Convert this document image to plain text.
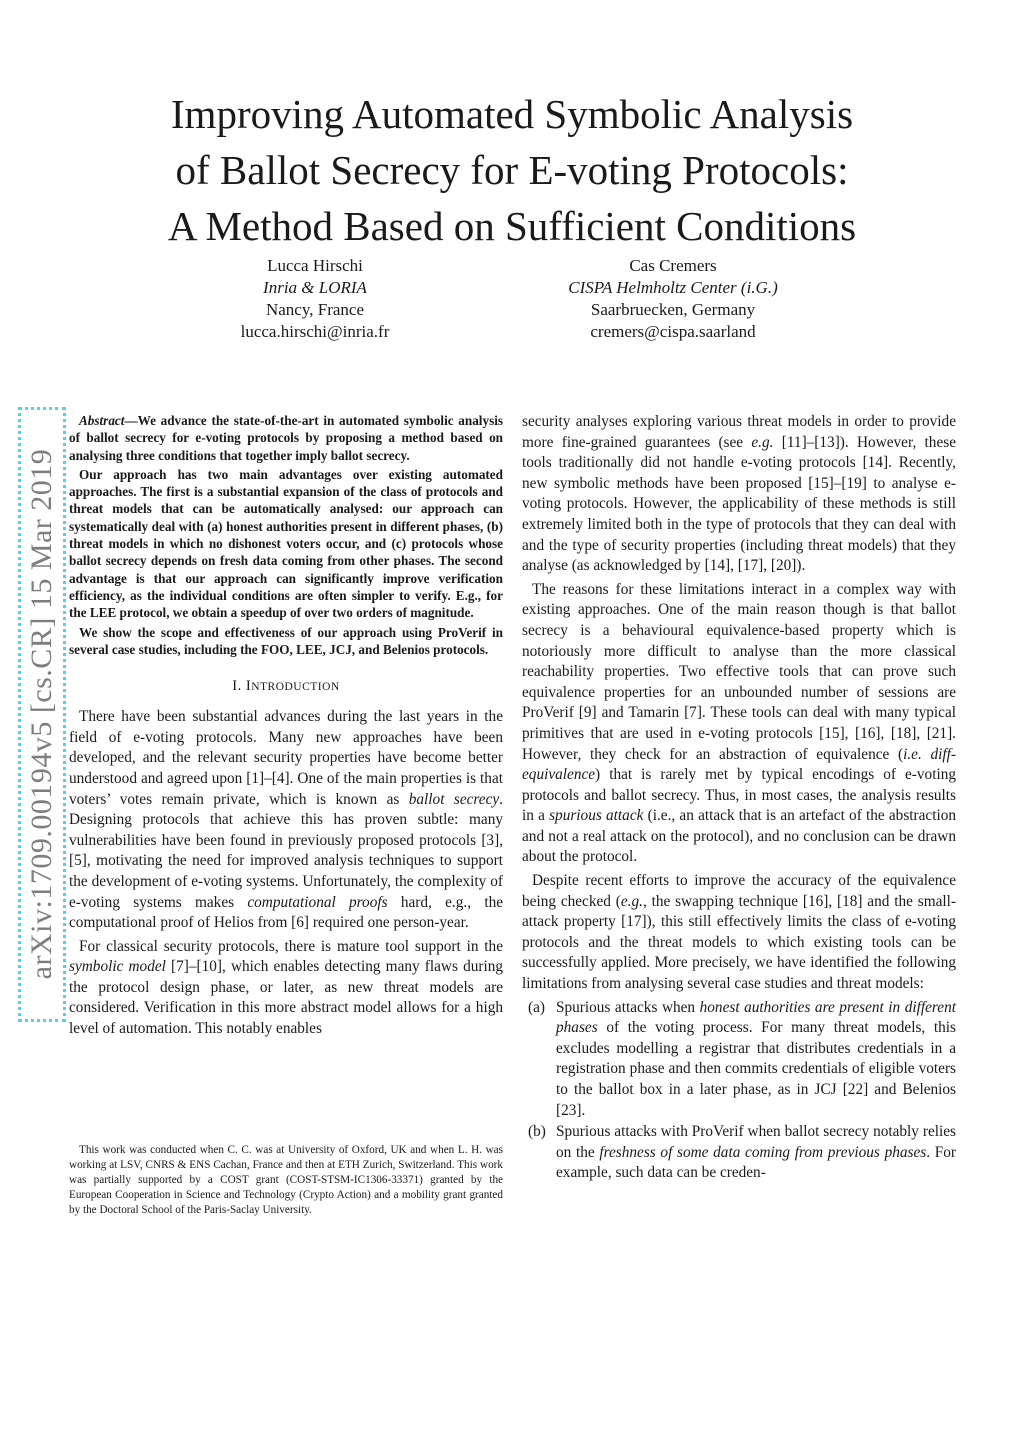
Improving Automated Symbolic Analysis
of Ballot Secrecy for E-voting Protocols:
A Method Based on Sufficient Conditions
Lucca Hirschi
Inria & LORIA
Nancy, France
lucca.hirschi@inria.fr
Cas Cremers
CISPA Helmholtz Center (i.G.)
Saarbruecken, Germany
cremers@cispa.saarland
arXiv:1709.00194v5 [cs.CR] 15 Mar 2019

Abstract—We advance the state-of-the-art in automated symbolic analysis of ballot secrecy for e-voting protocols by proposing a method based on analysing three conditions that together imply ballot secrecy.

Our approach has two main advantages over existing automated approaches. The first is a substantial expansion of the class of protocols and threat models that can be automatically analysed: our approach can systematically deal with (a) honest authorities present in different phases, (b) threat models in which no dishonest voters occur, and (c) protocols whose ballot secrecy depends on fresh data coming from other phases. The second advantage is that our approach can significantly improve verification efficiency, as the individual conditions are often simpler to verify. E.g., for the LEE protocol, we obtain a speedup of over two orders of magnitude.

We show the scope and effectiveness of our approach using ProVerif in several case studies, including the FOO, LEE, JCJ, and Belenios protocols.

I. INTRODUCTION

There have been substantial advances during the last years in the field of e-voting protocols. Many new approaches have been developed, and the relevant security properties have become better understood and agreed upon [1]–[4]. One of the main properties is that voters’ votes remain private, which is known as ballot secrecy. Designing protocols that achieve this has proven subtle: many vulnerabilities have been found in previously proposed protocols [3], [5], motivating the need for improved analysis techniques to support the development of e-voting systems. Unfortunately, the complexity of e-voting systems makes computational proofs hard, e.g., the computational proof of Helios from [6] required one person-year.

For classical security protocols, there is mature tool support in the symbolic model [7]–[10], which enables detecting many flaws during the protocol design phase, or later, as new threat models are considered. Verification in this more abstract model allows for a high level of automation. This notably enables

This work was conducted when C. C. was at University of Oxford, UK and when L. H. was working at LSV, CNRS & ENS Cachan, France and then at ETH Zurich, Switzerland. This work was partially supported by a COST grant (COST-STSM-IC1306-33371) granted by the European Cooperation in Science and Technology (Crypto Action) and a mobility grant granted by the Doctoral School of the Paris-Saclay University.

security analyses exploring various threat models in order to provide more fine-grained guarantees (see e.g. [11]–[13]). However, these tools traditionally did not handle e-voting protocols [14]. Recently, new symbolic methods have been proposed [15]–[19] to analyse e-voting protocols. However, the applicability of these methods is still extremely limited both in the type of protocols that they can deal with and the type of security properties (including threat models) that they analyse (as acknowledged by [14], [17], [20]).

The reasons for these limitations interact in a complex way with existing approaches. One of the main reason though is that ballot secrecy is a behavioural equivalence-based property which is notoriously more difficult to analyse than the more classical reachability properties. Two effective tools that can prove such equivalence properties for an unbounded number of sessions are ProVerif [9] and Tamarin [7]. These tools can deal with many typical primitives that are used in e-voting protocols [15], [16], [18], [21]. However, they check for an abstraction of equivalence (i.e. diff-equivalence) that is rarely met by typical encodings of e-voting protocols and ballot secrecy. Thus, in most cases, the analysis results in a spurious attack (i.e., an attack that is an artefact of the abstraction and not a real attack on the protocol), and no conclusion can be drawn about the protocol.

Despite recent efforts to improve the accuracy of the equivalence being checked (e.g., the swapping technique [16], [18] and the small-attack property [17]), this still effectively limits the class of e-voting protocols and the threat models to which existing tools can be successfully applied. More precisely, we have identified the following limitations from analysing several case studies and threat models:

(a) Spurious attacks when honest authorities are present in different phases of the voting process. For many threat models, this excludes modelling a registrar that distributes credentials in a registration phase and then commits credentials of eligible voters to the ballot box in a later phase, as in JCJ [22] and Belenios [23].
(b) Spurious attacks with ProVerif when ballot secrecy notably relies on the freshness of some data coming from previous phases. For example, such data can be creden-
